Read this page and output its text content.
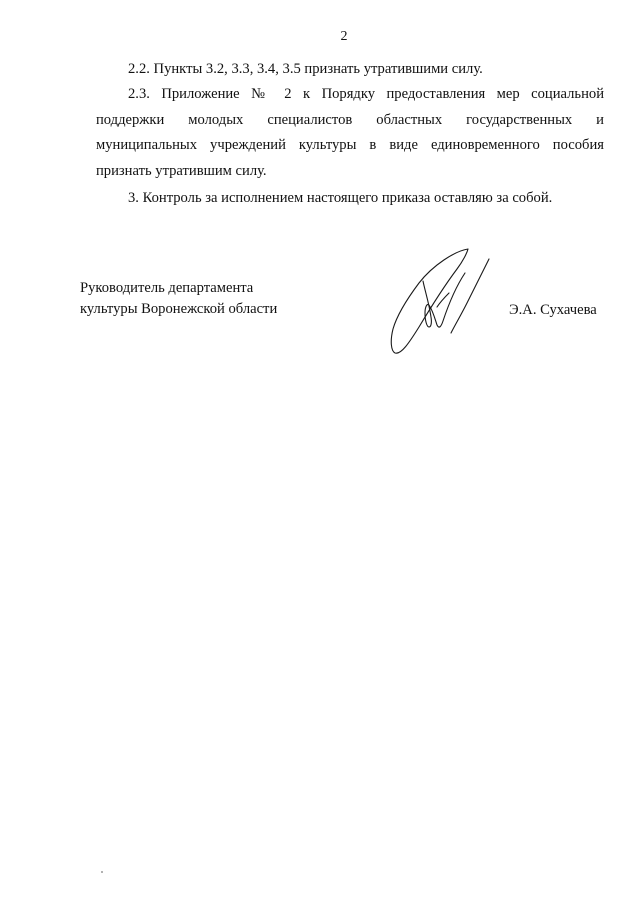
2

2.2. Пункты 3.2, 3.3, 3.4, 3.5 признать утратившими силу.

2.3. Приложение № 2 к Порядку предоставления мер социальной поддержки молодых специалистов областных государственных и муниципальных учреждений культуры в виде единовременного пособия признать утратившим силу.

3. Контроль за исполнением настоящего приказа оставляю за собой.

Руководитель департамента
культуры Воронежской области	Э.А. Сухачева
